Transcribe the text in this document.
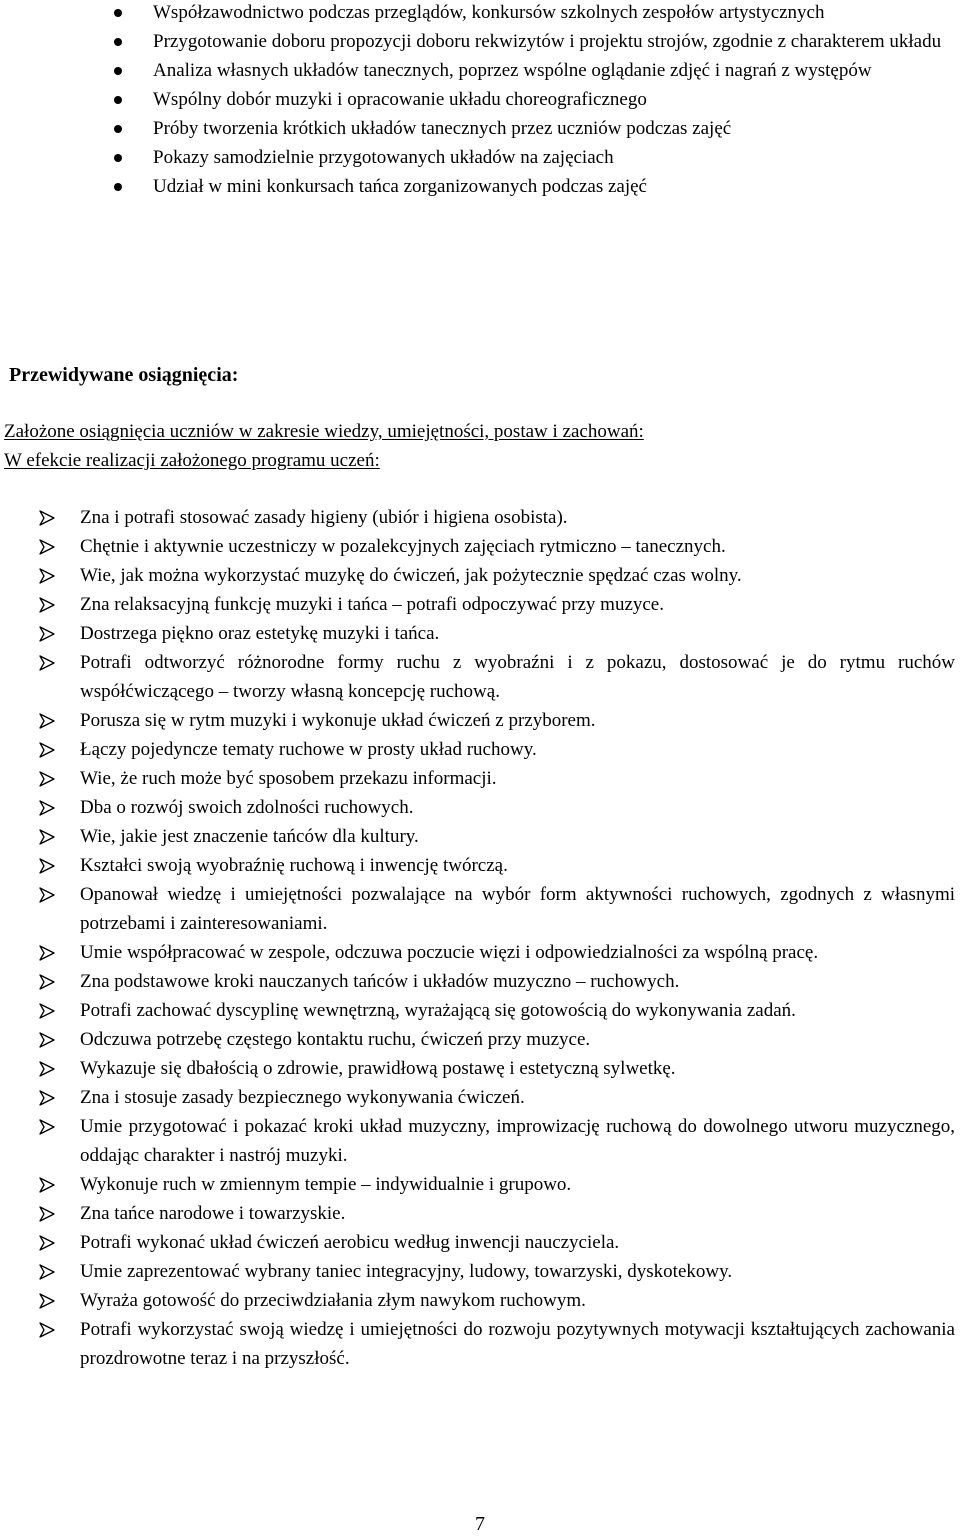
Współzawodnictwo podczas przeglądów, konkursów szkolnych zespołów artystycznych
Przygotowanie doboru propozycji doboru rekwizytów i projektu strojów, zgodnie z charakterem układu
Analiza własnych układów tanecznych, poprzez wspólne oglądanie zdjęć i nagrań z występów
Wspólny dobór muzyki i opracowanie układu choreograficznego
Próby tworzenia krótkich układów tanecznych przez uczniów podczas zajęć
Pokazy samodzielnie przygotowanych układów na zajęciach
Udział w mini konkursach tańca zorganizowanych podczas zajęć
Przewidywane osiągnięcia:

Założone osiągnięcia uczniów w zakresie wiedzy, umiejętności, postaw i zachowań:

W efekcie realizacji założonego programu uczeń:

Zna i potrafi stosować zasady higieny (ubiór i higiena osobista).
Chętnie i aktywnie uczestniczy w pozalekcyjnych zajęciach rytmiczno – tanecznych.
Wie, jak można wykorzystać muzykę do ćwiczeń, jak pożytecznie spędzać czas wolny.
Zna relaksacyjną funkcję muzyki i tańca – potrafi odpoczywać przy muzyce.
Dostrzega piękno oraz estetykę muzyki i tańca.
Potrafi odtworzyć różnorodne formy ruchu z wyobraźni i z pokazu, dostosować je do rytmu ruchów współćwiczącego – tworzy własną koncepcję ruchową.
Porusza się w rytm muzyki i wykonuje układ ćwiczeń z przyborem.
Łączy pojedyncze tematy ruchowe w prosty układ ruchowy.
Wie, że ruch może być sposobem przekazu informacji.
Dba o rozwój swoich zdolności ruchowych.
Wie, jakie jest znaczenie tańców dla kultury.
Kształci swoją wyobraźnię ruchową i inwencję twórczą.
Opanował wiedzę i umiejętności pozwalające na wybór form aktywności ruchowych, zgodnych z własnymi potrzebami i zainteresowaniami.
Umie współpracować w zespole, odczuwa poczucie więzi i odpowiedzialności za wspólną pracę.
Zna podstawowe kroki nauczanych tańców i układów muzyczno – ruchowych.
Potrafi zachować dyscyplinę wewnętrzną, wyrażającą się gotowością do wykonywania zadań.
Odczuwa potrzebę częstego kontaktu ruchu, ćwiczeń przy muzyce.
Wykazuje się dbałością o zdrowie, prawidłową postawę i estetyczną sylwetkę.
Zna i stosuje zasady bezpiecznego wykonywania ćwiczeń.
Umie przygotować i pokazać kroki układ muzyczny, improwizację ruchową do dowolnego utworu muzycznego, oddając charakter i nastrój muzyki.
Wykonuje ruch w zmiennym tempie – indywidualnie i grupowo.
Zna tańce narodowe i towarzyskie.
Potrafi wykonać układ ćwiczeń aerobicu według inwencji nauczyciela.
Umie zaprezentować wybrany taniec integracyjny, ludowy, towarzyski, dyskotekowy.
Wyraża gotowość do przeciwdziałania złym nawykom ruchowym.
Potrafi wykorzystać swoją wiedzę i umiejętności do rozwoju pozytywnych motywacji kształtujących zachowania prozdrowotne teraz i na przyszłość.
7
